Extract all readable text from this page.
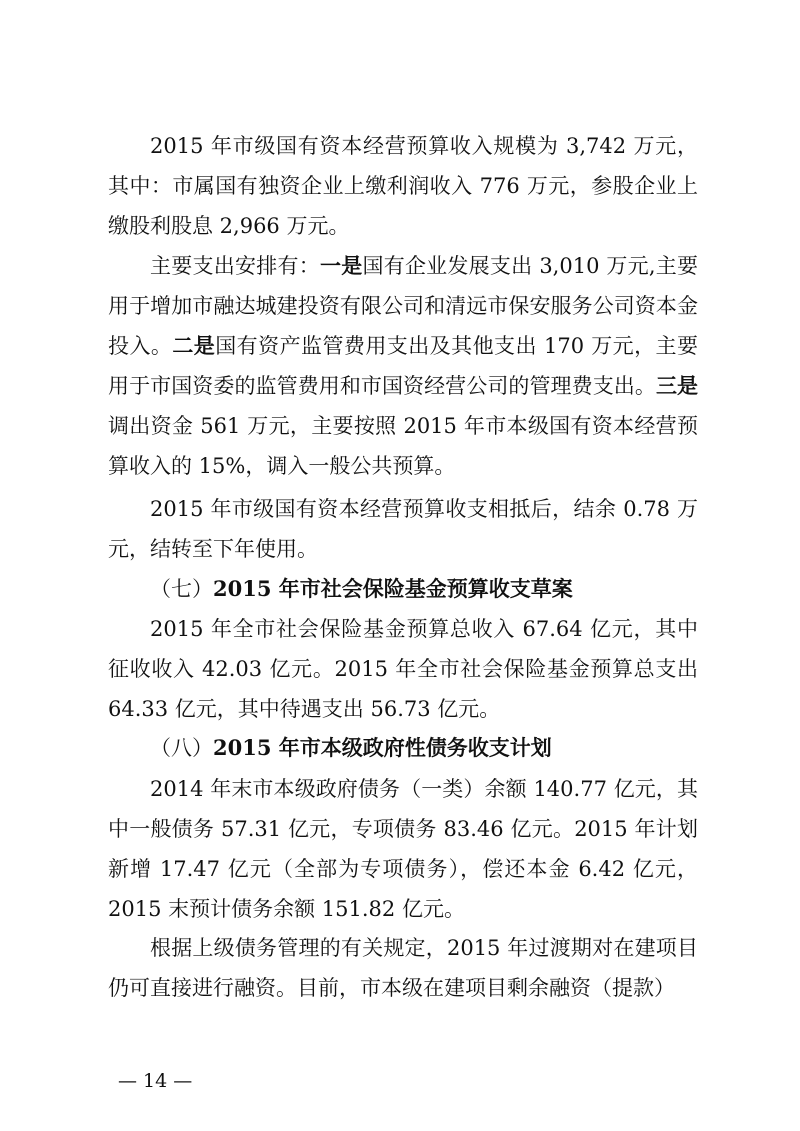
2015 年市级国有资本经营预算收入规模为 3,742 万元，其中：市属国有独资企业上缴利润收入 776 万元，参股企业上缴股利股息 2,966 万元。

主要支出安排有：一是国有企业发展支出 3,010 万元,主要用于增加市融达城建投资有限公司和清远市保安服务公司资本金投入。二是国有资产监管费用支出及其他支出 170 万元，主要用于市国资委的监管费用和市国资经营公司的管理费支出。三是调出资金 561 万元，主要按照 2015 年市本级国有资本经营预算收入的 15%，调入一般公共预算。

2015 年市级国有资本经营预算收支相抵后，结余 0.78 万元，结转至下年使用。

（七）2015 年市社会保险基金预算收支草案

2015 年全市社会保险基金预算总收入 67.64 亿元，其中征收收入 42.03 亿元。2015 年全市社会保险基金预算总支出 64.33 亿元，其中待遇支出 56.73 亿元。

（八）2015 年市本级政府性债务收支计划

2014 年末市本级政府债务（一类）余额 140.77 亿元，其中一般债务 57.31 亿元，专项债务 83.46 亿元。2015 年计划新增 17.47 亿元（全部为专项债务），偿还本金 6.42 亿元，2015 末预计债务余额 151.82 亿元。

根据上级债务管理的有关规定，2015 年过渡期对在建项目仍可直接进行融资。目前，市本级在建项目剩余融资（提款）

— 14 —
